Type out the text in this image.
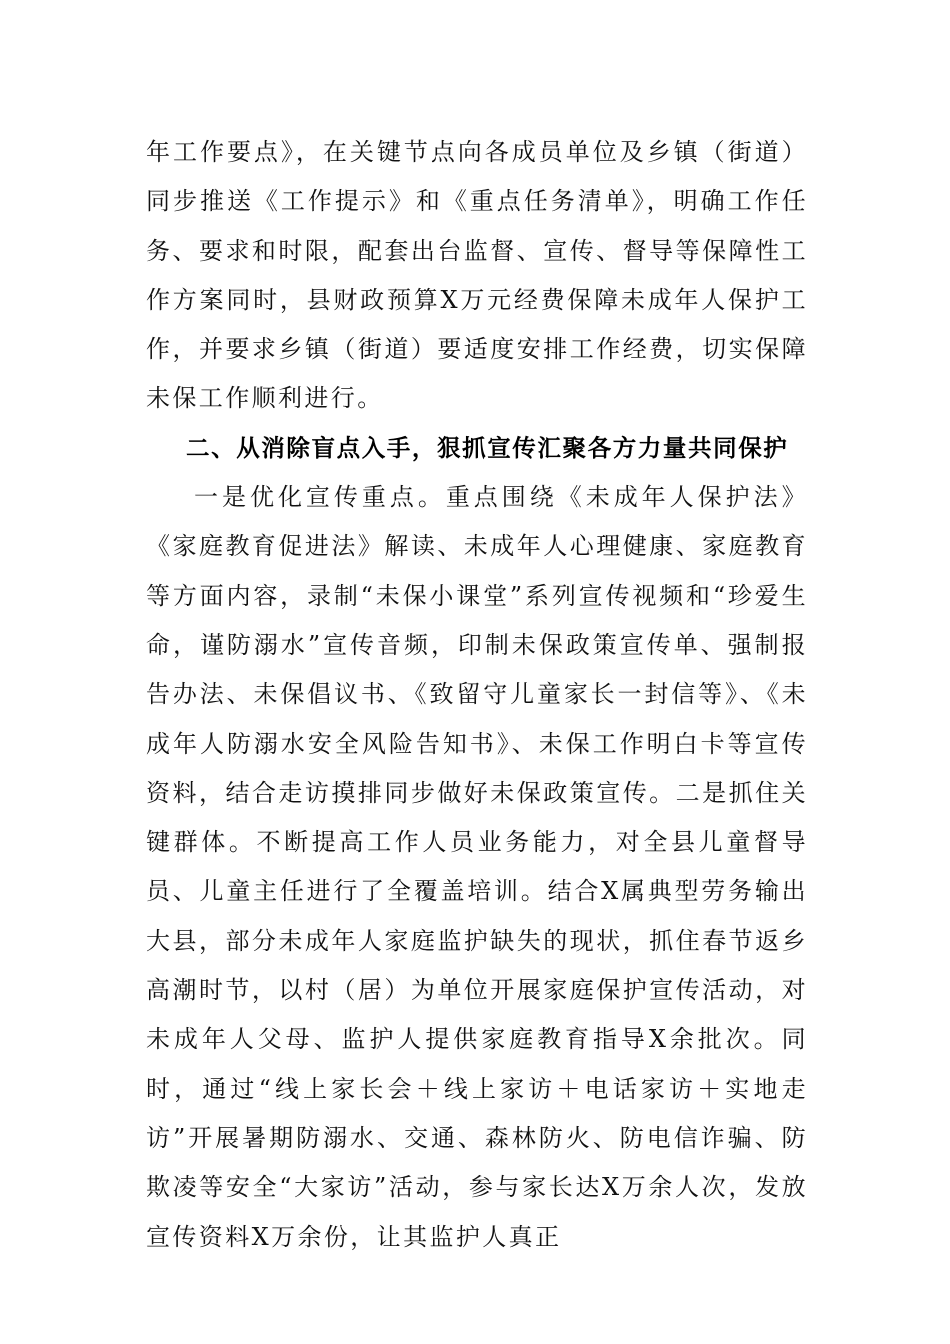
年工作要点》，在关键节点向各成员单位及乡镇（街道）同步推送《工作提示》和《重点任务清单》，明确工作任务、要求和时限，配套出台监督、宣传、督导等保障性工作方案同时，县财政预算X万元经费保障未成年人保护工作，并要求乡镇（街道）要适度安排工作经费，切实保障未保工作顺利进行。

二、从消除盲点入手，狠抓宣传汇聚各方力量共同保护

一是优化宣传重点。重点围绕《未成年人保护法》《家庭教育促进法》解读、未成年人心理健康、家庭教育等方面内容，录制“未保小课堂”系列宣传视频和“珍爱生命，谨防溺水”宣传音频，印制未保政策宣传单、强制报告办法、未保倡议书、《致留守儿童家长一封信等》、《未成年人防溺水安全风险告知书》、未保工作明白卡等宣传资料，结合走访摸排同步做好未保政策宣传。二是抓住关键群体。不断提高工作人员业务能力，对全县儿童督导员、儿童主任进行了全覆盖培训。结合X属典型劳务输出大县，部分未成年人家庭监护缺失的现状，抓住春节返乡高潮时节，以村（居）为单位开展家庭保护宣传活动，对未成年人父母、监护人提供家庭教育指导X余批次。同时，通过“线上家长会＋线上家访＋电话家访＋实地走访”开展暑期防溺水、交通、森林防火、防电信诈骗、防欺凌等安全“大家访”活动，参与家长达X万余人次，发放宣传资料X万余份，让其监护人真正
